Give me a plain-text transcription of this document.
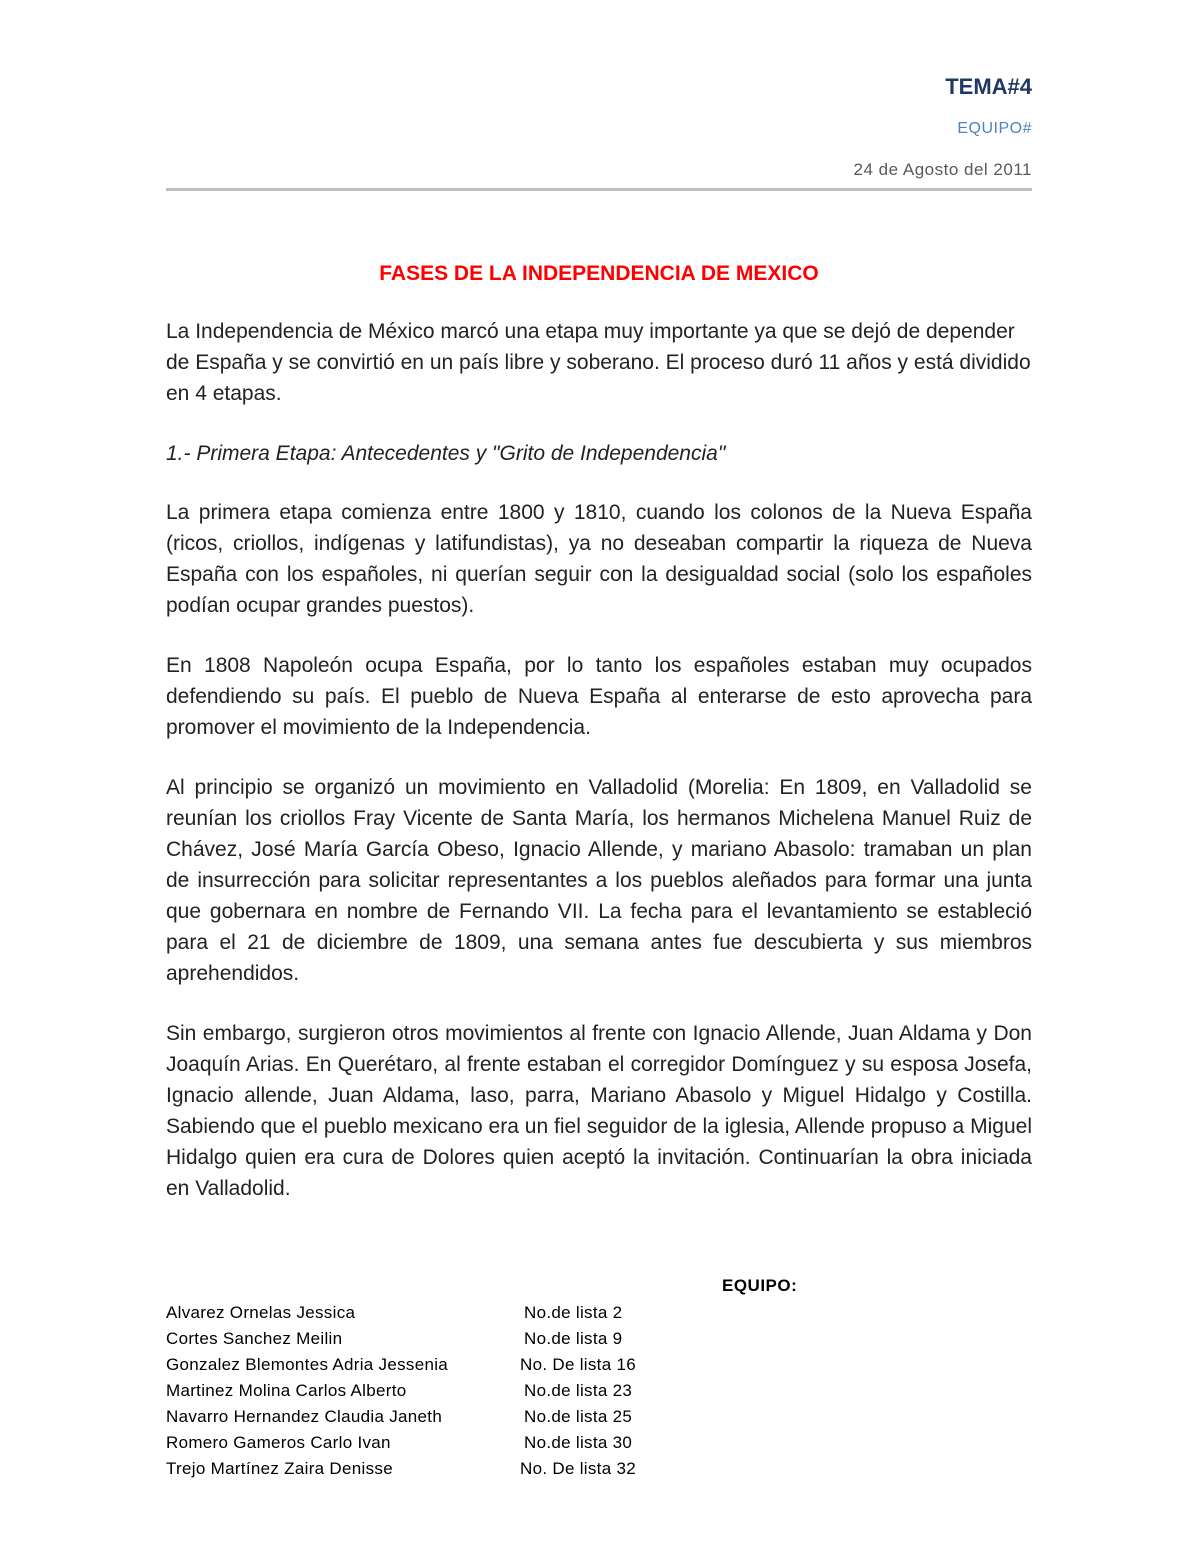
TEMA#4
EQUIPO#
24 de Agosto del 2011
FASES DE LA INDEPENDENCIA DE MEXICO

La Independencia de México marcó una etapa muy importante ya que se dejó de depender de España y se convirtió en un país libre y soberano. El proceso duró 11 años y está dividido en 4 etapas.

1.- Primera Etapa: Antecedentes y "Grito de Independencia"

La primera etapa comienza entre 1800 y 1810, cuando los colonos de la Nueva España (ricos, criollos, indígenas y latifundistas), ya no deseaban compartir la riqueza de Nueva España con los españoles, ni querían seguir con la desigualdad social (solo los españoles podían ocupar grandes puestos).

En 1808 Napoleón ocupa España, por lo tanto los españoles estaban muy ocupados defendiendo su país. El pueblo de Nueva España al enterarse de esto aprovecha para promover el movimiento de la Independencia.

Al principio se organizó un movimiento en Valladolid (Morelia: En 1809, en Valladolid se reunían los criollos Fray Vicente de Santa María, los hermanos Michelena Manuel Ruiz de Chávez, José María García Obeso, Ignacio Allende, y mariano Abasolo: tramaban un plan de insurrección para solicitar representantes a los pueblos aleñados para formar una junta que gobernara en nombre de Fernando VII. La fecha para el levantamiento se estableció para el 21 de diciembre de 1809, una semana antes fue descubierta y sus miembros aprehendidos.

Sin embargo, surgieron otros movimientos al frente con Ignacio Allende, Juan Aldama y Don Joaquín Arias. En Querétaro, al frente estaban el corregidor Domínguez y su esposa Josefa, Ignacio allende, Juan Aldama, laso, parra, Mariano Abasolo y Miguel Hidalgo y Costilla. Sabiendo que el pueblo mexicano era un fiel seguidor de la iglesia, Allende propuso a Miguel Hidalgo quien era cura de Dolores quien aceptó la invitación. Continuarían la obra iniciada en Valladolid.

EQUIPO:
Alvarez Ornelas Jessica	No.de lista 2
Cortes Sanchez Meilin	No.de lista 9
Gonzalez Blemontes Adria Jessenia	No. De lista 16
Martinez Molina Carlos Alberto	No.de lista 23
Navarro Hernandez Claudia Janeth	No.de lista 25
Romero Gameros Carlo Ivan	No.de lista 30
Trejo Martínez Zaira Denisse	No. De lista 32
